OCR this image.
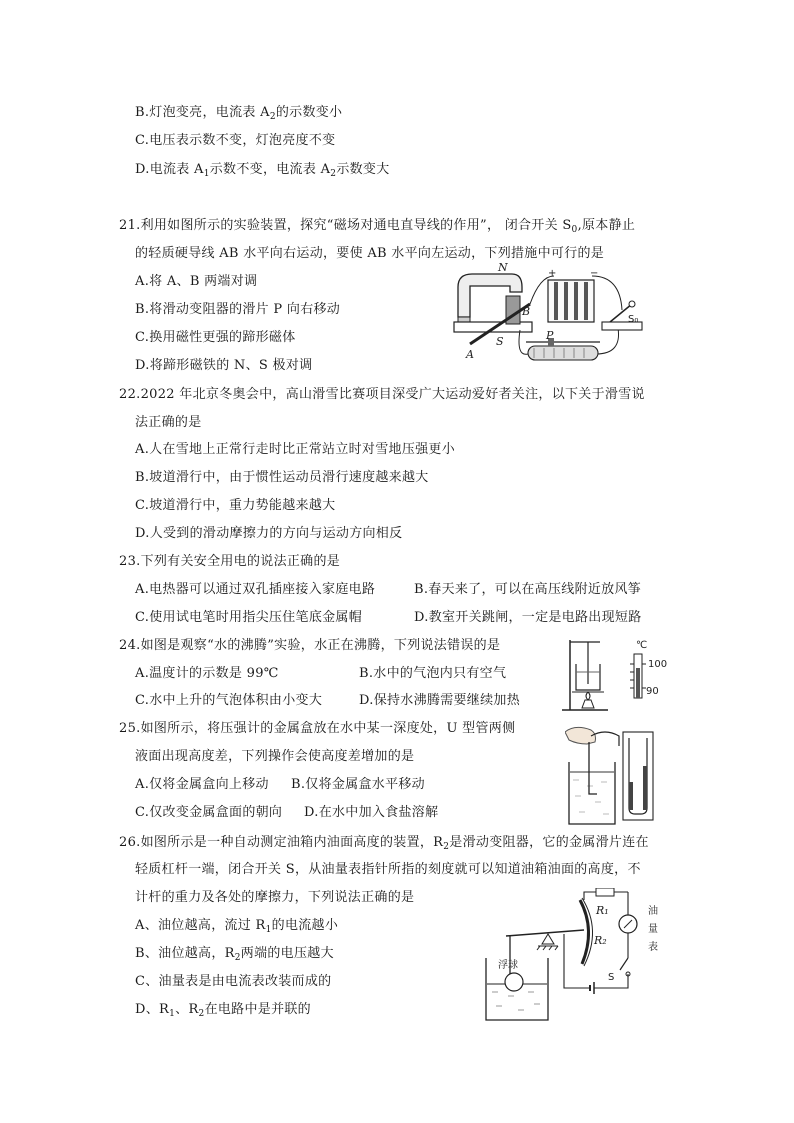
B.灯泡变亮，电流表 $A_2$的示数变小
C.电压表示数不变，灯泡亮度不变
D.电流表 $A_1$示数不变，电流表 $A_2$示数变大
21.利用如图所示的实验装置，探究“磁场对通电直导线的作用”， 闭合开关 $S_0$,原本静止
的轻质硬导线 AB 水平向右运动，要使 AB 水平向左运动，下列措施中可行的是
A.将 A、B 两端对调
B.将滑动变阻器的滑片 P 向右移动
C.换用磁性更强的蹄形磁体
D.将蹄形磁铁的 N、S 极对调
N
S
A
B
P
S₀
+	−
22.2022 年北京冬奥会中，高山滑雪比赛项目深受广大运动爱好者关注，以下关于滑雪说
法正确的是
A.人在雪地上正常行走时比正常站立时对雪地压强更小
B.坡道滑行中，由于惯性运动员滑行速度越来越大
C.坡道滑行中，重力势能越来越大
D.人受到的滑动摩擦力的方向与运动方向相反
23.下列有关安全用电的说法正确的是
A.电热器可以通过双孔插座接入家庭电路	B.春天来了，可以在高压线附近放风筝
C.使用试电笔时用指尖压住笔底金属帽	D.教室开关跳闸，一定是电路出现短路
24.如图是观察“水的沸腾”实验，水正在沸腾，下列说法错误的是
A.温度计的示数是 99℃	B.水中的气泡内只有空气
C.水中上升的气泡体积由小变大	D.保持水沸腾需要继续加热
℃
100
90
25.如图所示，将压强计的金属盒放在水中某一深度处，U 型管两侧
液面出现高度差，下列操作会使高度差增加的是
A.仅将金属盒向上移动 B.仅将金属盒水平移动
C.仅改变金属盒面的朝向 D.在水中加入食盐溶解
26.如图所示是一种自动测定油箱内油面高度的装置，$R_2$是滑动变阻器，它的金属滑片连在
轻质杠杆一端，闭合开关 S，从油量表指针所指的刻度就可以知道油箱油面的高度，不
计杆的重力及各处的摩擦力，下列说法正确的是
A、油位越高，流过 $R_1$的电流越小
B、油位越高，$R_2$两端的电压越大
C、油量表是由电流表改装而成的
D、$R_1$、$R_2$在电路中是并联的
浮球
R₁
R₂
S
油
量
表
